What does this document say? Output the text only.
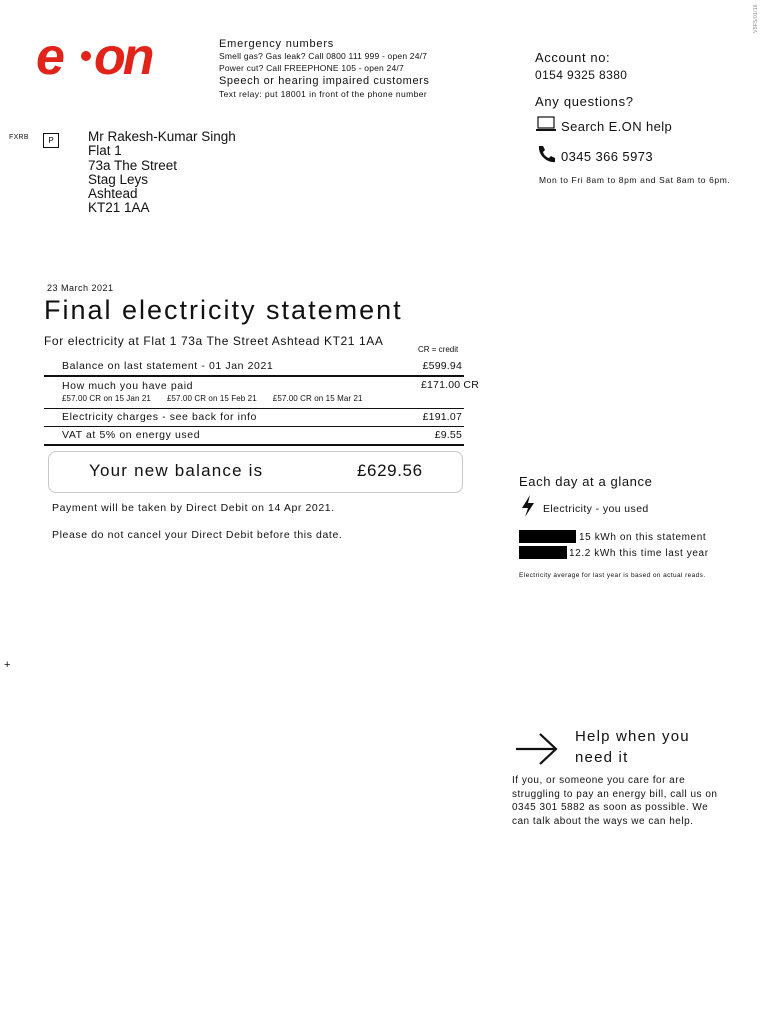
e on
V5F5/01/16
Emergency numbers
Smell gas? Gas leak? Call 0800 111 999 - open 24/7
Power cut? Call FREEPHONE 105 - open 24/7
Speech or hearing impaired customers
Text relay: put 18001 in front of the phone number
Account no:
0154 9325 8380
Any questions?
Search E.ON help
0345 366 5973
Mon to Fri 8am to 8pm and Sat 8am to 6pm.
FXRB	P	Mr Rakesh-Kumar Singh
Flat 1
73a The Street
Stag Leys
Ashtead
KT21 1AA
23 March 2021
Final electricity statement
For electricity at Flat 1 73a The Street Ashtead KT21 1AA
CR = credit
Balance on last statement - 01 Jan 2021	£599.94
How much you have paid	£171.00 CR
£57.00 CR on 15 Jan 21 £57.00 CR on 15 Feb 21 £57.00 CR on 15 Mar 21
Electricity charges - see back for info	£191.07
VAT at 5% on energy used	£9.55
Your new balance is	£629.56
Payment will be taken by Direct Debit on 14 Apr 2021.
Please do not cancel your Direct Debit before this date.
Each day at a glance
Electricity - you used
15 kWh on this statement
12.2 kWh this time last year
Electricity average for last year is based on actual reads.
+
Help when you need it
If you, or someone you care for are struggling to pay an energy bill, call us on 0345 301 5882 as soon as possible. We can talk about the ways we can help.
